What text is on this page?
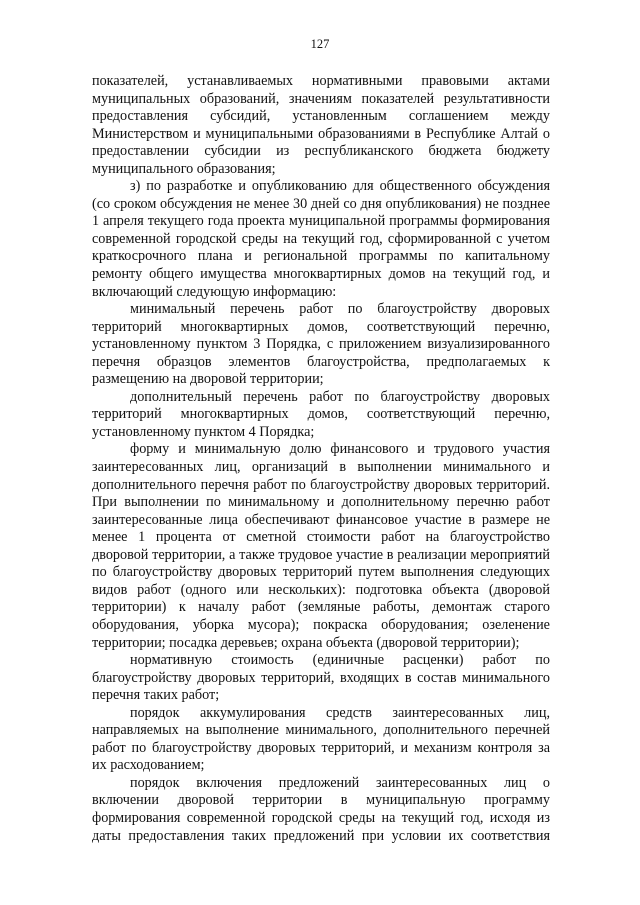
127

показателей, устанавливаемых нормативными правовыми актами муниципальных образований, значениям показателей результативности предоставления субсидий, установленным соглашением между Министерством и муниципальными образованиями в Республике Алтай о предоставлении субсидии из республиканского бюджета бюджету муниципального образования;

з) по разработке и опубликованию для общественного обсуждения (со сроком обсуждения не менее 30 дней со дня опубликования) не позднее 1 апреля текущего года проекта муниципальной программы формирования современной городской среды на текущий год, сформированной с учетом краткосрочного плана и региональной программы по капитальному ремонту общего имущества многоквартирных домов на текущий год, и включающий следующую информацию:

минимальный перечень работ по благоустройству дворовых территорий многоквартирных домов, соответствующий перечню, установленному пунктом 3 Порядка, с приложением визуализированного перечня образцов элементов благоустройства, предполагаемых к размещению на дворовой территории;

дополнительный перечень работ по благоустройству дворовых территорий многоквартирных домов, соответствующий перечню, установленному пунктом 4 Порядка;

форму и минимальную долю финансового и трудового участия заинтересованных лиц, организаций в выполнении минимального и дополнительного перечня работ по благоустройству дворовых территорий. При выполнении по минимальному и дополнительному перечню работ заинтересованные лица обеспечивают финансовое участие в размере не менее 1 процента от сметной стоимости работ на благоустройство дворовой территории, а также трудовое участие в реализации мероприятий по благоустройству дворовых территорий путем выполнения следующих видов работ (одного или нескольких): подготовка объекта (дворовой территории) к началу работ (земляные работы, демонтаж старого оборудования, уборка мусора); покраска оборудования; озеленение территории; посадка деревьев; охрана объекта (дворовой территории);

нормативную стоимость (единичные расценки) работ по благоустройству дворовых территорий, входящих в состав минимального перечня таких работ;

порядок аккумулирования средств заинтересованных лиц, направляемых на выполнение минимального, дополнительного перечней работ по благоустройству дворовых территорий, и механизм контроля за их расходованием;

порядок включения предложений заинтересованных лиц о включении дворовой территории в муниципальную программу формирования современной городской среды на текущий год, исходя из даты предоставления таких предложений при условии их соответствия
